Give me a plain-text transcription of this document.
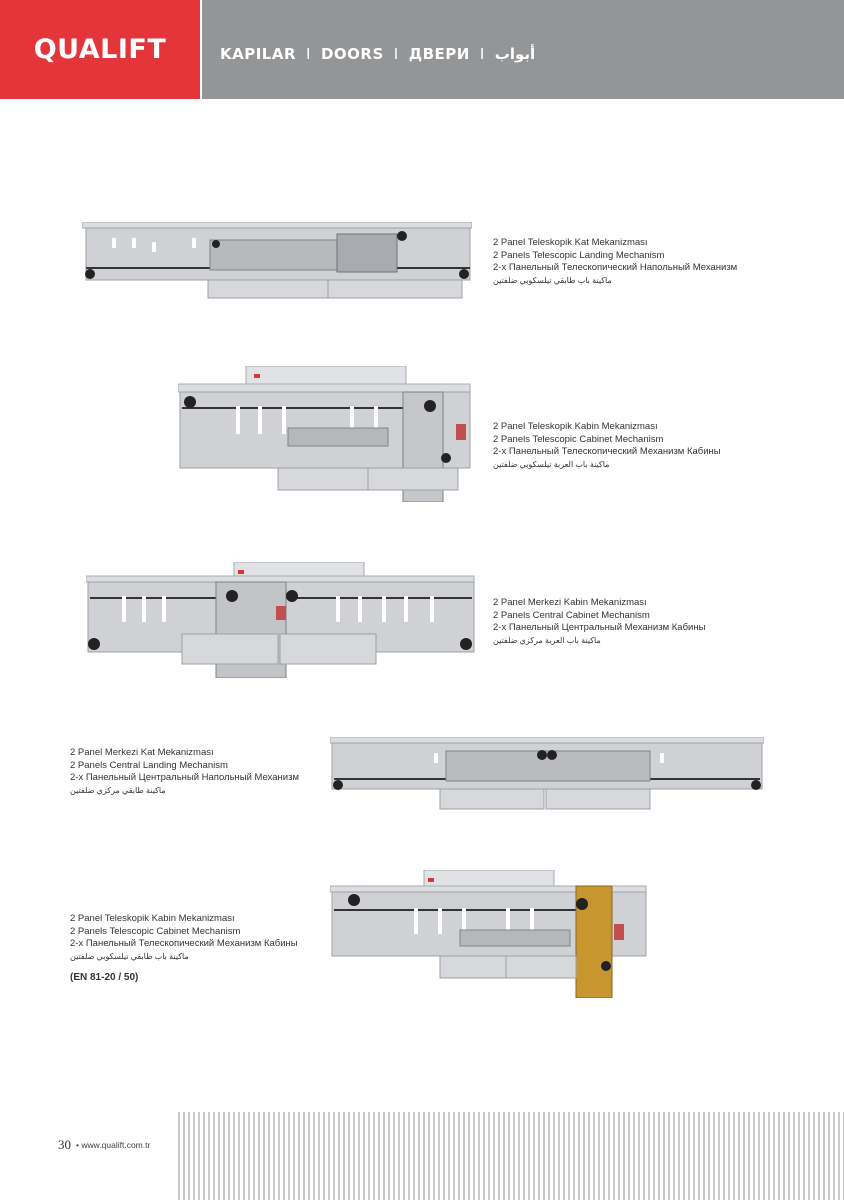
QUALIFT	KAPILAR I DOORS I ДВЕРИ I أبواب
2 Panel Teleskopik Kat Mekanizması
2 Panels Telescopic Landing Mechanism
2-х Панельный Телескопический Напольный Механизм
ماكينة باب طابقي تيلسكوبي ضلفتين
2 Panel Teleskopik Kabin Mekanizması
2 Panels Telescopic Cabinet Mechanism
2-х Панельный Телескопический Механизм Кабины
ماكينة باب العربة تيلسكوبي ضلفتين
2 Panel Merkezi Kabin Mekanizması
2 Panels Central Cabinet Mechanism
2-х Панельный Центральный Механизм Кабины
ماكينة باب العربة مركزي ضلفتين
2 Panel Merkezi Kat Mekanizması
2 Panels Central Landing Mechanism
2-х Панельный Центральный Напольный Механизм
ماكينة طابقي مركزي ضلفتين
2 Panel Teleskopik Kabin Mekanizması
2 Panels Telescopic Cabinet Mechanism
2-х Панельный Телескопический Механизм Кабины
ماكينة باب طابقي تيلسكوبي ضلفتين
(EN 81-20 / 50)
30 • www.qualift.com.tr
